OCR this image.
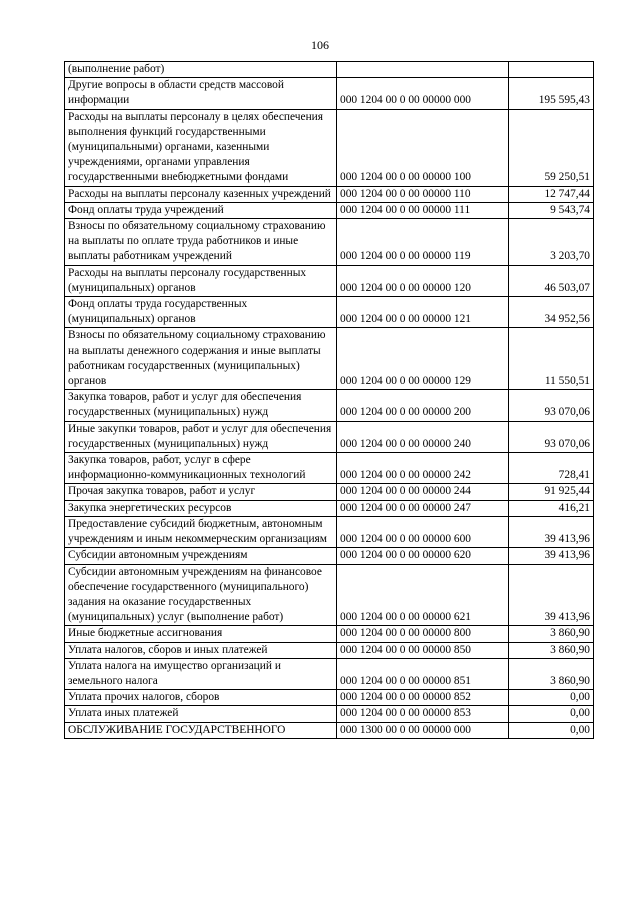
106
(выполнение работ)		
Другие вопросы в области средств массовой информации	000 1204 00 0 00 00000 000	195 595,43
Расходы на выплаты персоналу в целях обеспечения выполнения функций государственными (муниципальными) органами, казенными учреждениями, органами управления государственными внебюджетными фондами	000 1204 00 0 00 00000 100	59 250,51
Расходы на выплаты персоналу казенных учреждений	000 1204 00 0 00 00000 110	12 747,44
Фонд оплаты труда учреждений	000 1204 00 0 00 00000 111	9 543,74
Взносы по обязательному социальному страхованию на выплаты по оплате труда работников и иные выплаты работникам учреждений	000 1204 00 0 00 00000 119	3 203,70
Расходы на выплаты персоналу государственных (муниципальных) органов	000 1204 00 0 00 00000 120	46 503,07
Фонд оплаты труда государственных (муниципальных) органов	000 1204 00 0 00 00000 121	34 952,56
Взносы по обязательному социальному страхованию на выплаты денежного содержания и иные выплаты работникам государственных (муниципальных) органов	000 1204 00 0 00 00000 129	11 550,51
Закупка товаров, работ и услуг для обеспечения государственных (муниципальных) нужд	000 1204 00 0 00 00000 200	93 070,06
Иные закупки товаров, работ и услуг для обеспечения государственных (муниципальных) нужд	000 1204 00 0 00 00000 240	93 070,06
Закупка товаров, работ, услуг в сфере информационно-коммуникационных технологий	000 1204 00 0 00 00000 242	728,41
Прочая закупка товаров, работ и услуг	000 1204 00 0 00 00000 244	91 925,44
Закупка энергетических ресурсов	000 1204 00 0 00 00000 247	416,21
Предоставление субсидий бюджетным, автономным учреждениям и иным некоммерческим организациям	000 1204 00 0 00 00000 600	39 413,96
Субсидии автономным учреждениям	000 1204 00 0 00 00000 620	39 413,96
Субсидии автономным учреждениям на финансовое обеспечение государственного (муниципального) задания на оказание государственных (муниципальных) услуг (выполнение работ)	000 1204 00 0 00 00000 621	39 413,96
Иные бюджетные ассигнования	000 1204 00 0 00 00000 800	3 860,90
Уплата налогов, сборов и иных платежей	000 1204 00 0 00 00000 850	3 860,90
Уплата налога на имущество организаций и земельного налога	000 1204 00 0 00 00000 851	3 860,90
Уплата прочих налогов, сборов	000 1204 00 0 00 00000 852	0,00
Уплата иных платежей	000 1204 00 0 00 00000 853	0,00
ОБСЛУЖИВАНИЕ ГОСУДАРСТВЕННОГО	000 1300 00 0 00 00000 000	0,00
